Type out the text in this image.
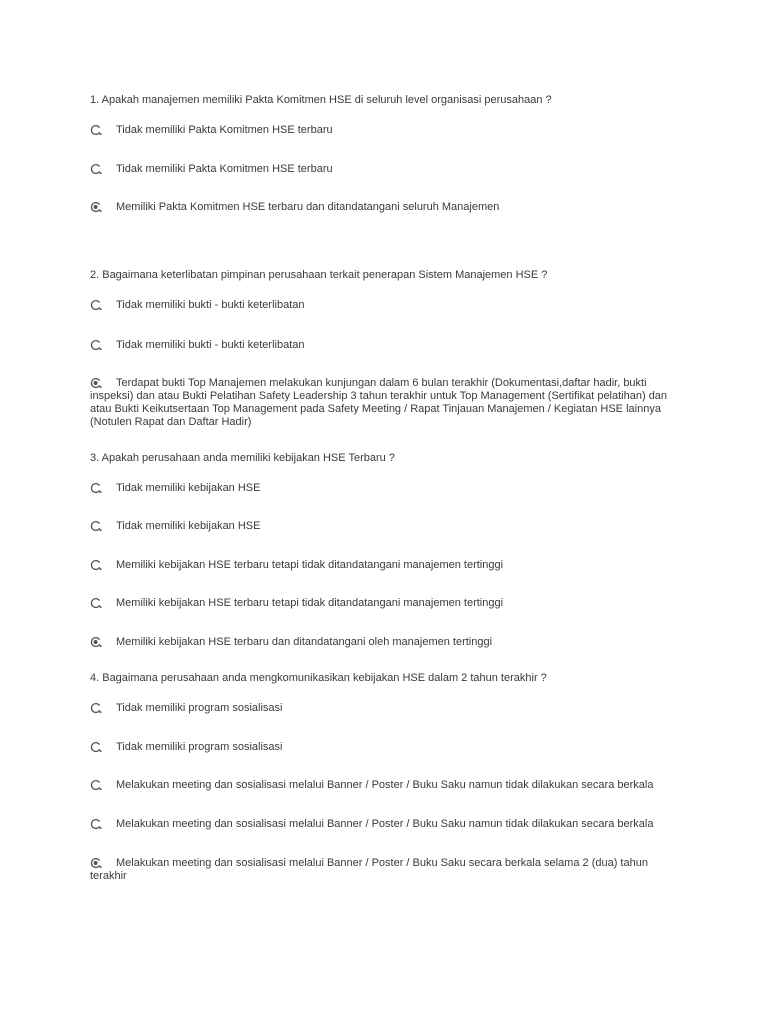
1. Apakah manajemen memiliki Pakta Komitmen HSE di seluruh level organisasi perusahaan ?
Tidak memiliki Pakta Komitmen HSE terbaru
Tidak memiliki Pakta Komitmen HSE terbaru
Memiliki Pakta Komitmen HSE terbaru dan ditandatangani seluruh Manajemen
2. Bagaimana keterlibatan pimpinan perusahaan terkait penerapan Sistem Manajemen HSE ?
Tidak memiliki bukti - bukti keterlibatan
Tidak memiliki bukti - bukti keterlibatan
Terdapat bukti Top Manajemen melakukan kunjungan dalam 6 bulan terakhir (Dokumentasi,daftar hadir, bukti inspeksi) dan atau Bukti Pelatihan Safety Leadership 3 tahun terakhir untuk Top Management (Sertifikat pelatihan) dan atau Bukti Keikutsertaan Top Management pada Safety Meeting / Rapat Tinjauan Manajemen / Kegiatan HSE lainnya (Notulen Rapat dan Daftar Hadir)
3. Apakah perusahaan anda memiliki kebijakan HSE Terbaru ?
Tidak memiliki kebijakan HSE
Tidak memiliki kebijakan HSE
Memiliki kebijakan HSE terbaru tetapi tidak ditandatangani manajemen tertinggi
Memiliki kebijakan HSE terbaru tetapi tidak ditandatangani manajemen tertinggi
Memiliki kebijakan HSE terbaru dan ditandatangani oleh manajemen tertinggi
4. Bagaimana perusahaan anda mengkomunikasikan kebijakan HSE dalam 2 tahun terakhir ?
Tidak memiliki program sosialisasi
Tidak memiliki program sosialisasi
Melakukan meeting dan sosialisasi melalui Banner / Poster / Buku Saku namun tidak dilakukan secara berkala
Melakukan meeting dan sosialisasi melalui Banner / Poster / Buku Saku namun tidak dilakukan secara berkala
Melakukan meeting dan sosialisasi melalui Banner / Poster / Buku Saku secara berkala selama 2 (dua) tahun terakhir
